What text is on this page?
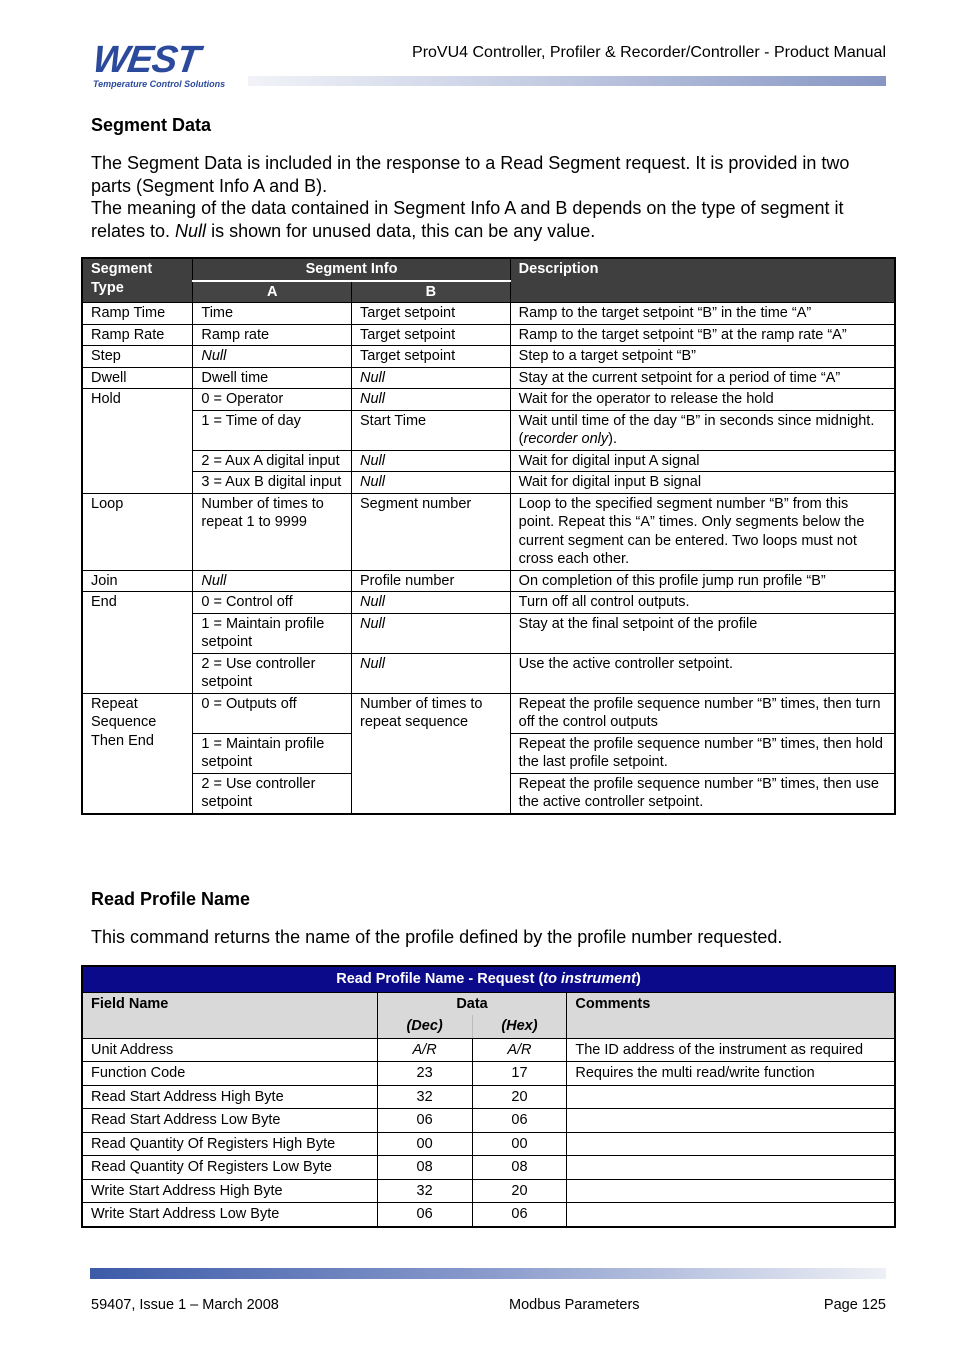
WEST
Temperature Control Solutions
ProVU4 Controller, Profiler & Recorder/Controller - Product Manual
Segment Data
The Segment Data is included in the response to a Read Segment request. It is provided in two parts (Segment Info A and B).
The meaning of the data contained in Segment Info A and B depends on the type of segment it relates to. Null is shown for unused data, this can be any value.
Segment Type	Segment Info		Description
	A	B	
Ramp Time	Time	Target setpoint	Ramp to the target setpoint “B” in the time “A”
Ramp Rate	Ramp rate	Target setpoint	Ramp to the target setpoint “B” at the ramp rate “A”
Step	Null	Target setpoint	Step to a target setpoint “B”
Dwell	Dwell time	Null	Stay at the current setpoint for a period of time “A”
Hold	0 = Operator	Null	Wait for the operator to release the hold
	1 = Time of day	Start Time	Wait until time of the day “B” in seconds since midnight. (recorder only).
	2 = Aux A digital input	Null	Wait for digital input A signal
	3 = Aux B digital input	Null	Wait for digital input B signal
Loop	Number of times to repeat 1 to 9999	Segment number	Loop to the specified segment number “B” from this point. Repeat this “A” times. Only segments below the current segment can be entered. Two loops must not cross each other.
Join	Null	Profile number	On completion of this profile jump run profile “B”
End	0 = Control off	Null	Turn off all control outputs.
	1 = Maintain profile setpoint	Null	Stay at the final setpoint of the profile
	2 = Use controller setpoint	Null	Use the active controller setpoint.
Repeat Sequence Then End	0 = Outputs off	Number of times to repeat sequence	Repeat the profile sequence number “B” times, then turn off the control outputs
	1 = Maintain profile setpoint		Repeat the profile sequence number “B” times, then hold the last profile setpoint.
	2 = Use controller setpoint		Repeat the profile sequence number “B” times, then use the active controller setpoint.
Read Profile Name
This command returns the name of the profile defined by the profile number requested.
Read Profile Name - Request (to instrument)			
Field Name	Data		Comments
	(Dec)	(Hex)	
Unit Address	A/R	A/R	The ID address of the instrument as required
Function Code	23	17	Requires the multi read/write function
Read Start Address High Byte	32	20	
Read Start Address Low Byte	06	06	
Read Quantity Of Registers High Byte	00	00	
Read Quantity Of Registers Low Byte	08	08	
Write Start Address High Byte	32	20	
Write Start Address Low Byte	06	06	
59407, Issue 1 – March 2008	Modbus Parameters	Page 125
